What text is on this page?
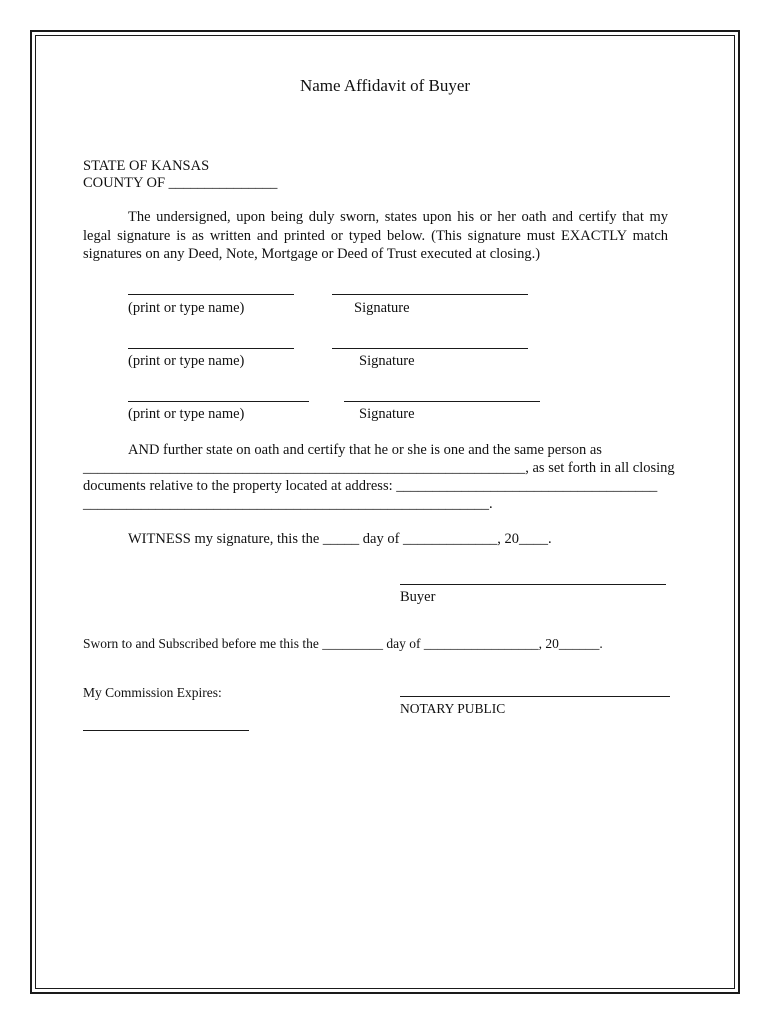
Name Affidavit of Buyer
STATE OF KANSAS
COUNTY OF _______________
The undersigned, upon being duly sworn, states upon his or her oath and certify that my legal signature is as written and printed or typed below. (This signature must EXACTLY match signatures on any Deed, Note, Mortgage or Deed of Trust executed at closing.)
(print or type name)	Signature
(print or type name)	Signature
(print or type name)	Signature
AND further state on oath and certify that he or she is one and the same person as
_____________________________________________________________, as set forth in all closing
documents relative to the property located at address: ____________________________________
________________________________________________________.
WITNESS my signature, this the _____ day of _____________, 20____.
Buyer
Sworn to and Subscribed before me this the _________ day of _________________, 20______.
My Commission Expires:
NOTARY PUBLIC
